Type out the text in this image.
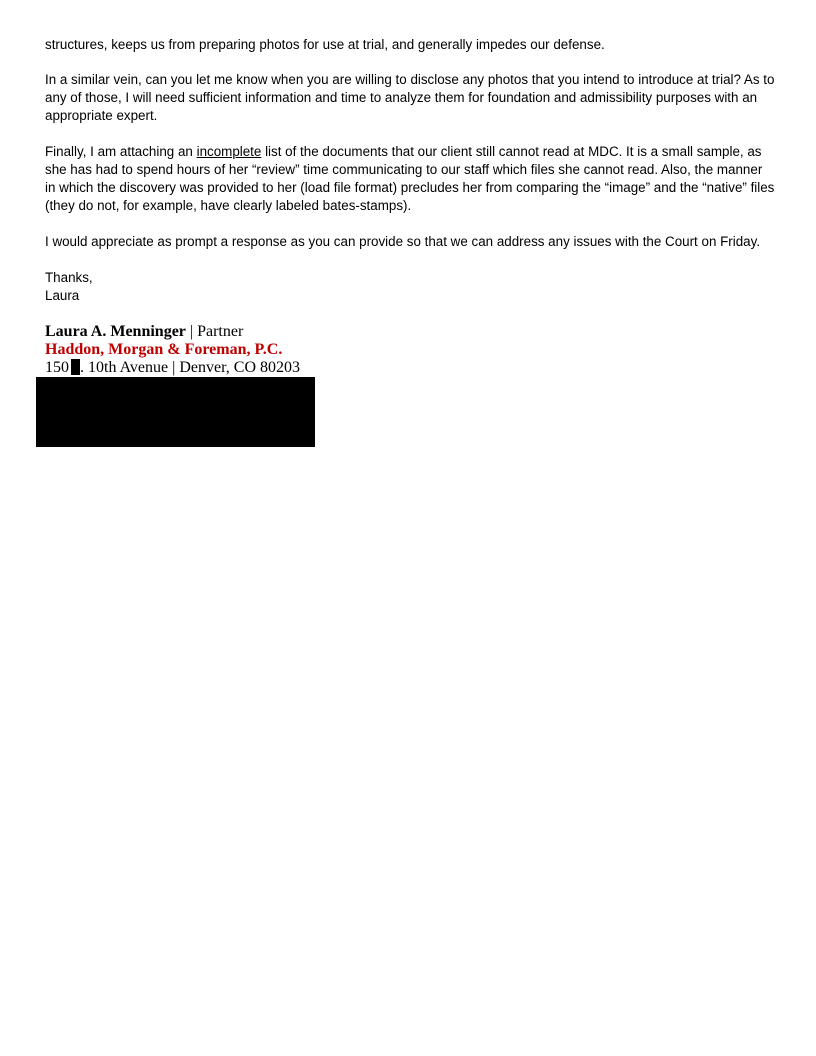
structures, keeps us from preparing photos for use at trial, and generally impedes our defense.

In a similar vein, can you let me know when you are willing to disclose any photos that you intend to introduce at trial? As to any of those, I will need sufficient information and time to analyze them for foundation and admissibility purposes with an appropriate expert.

Finally, I am attaching an incomplete list of the documents that our client still cannot read at MDC. It is a small sample, as she has had to spend hours of her “review” time communicating to our staff which files she cannot read. Also, the manner in which the discovery was provided to her (load file format) precludes her from comparing the “image” and the “native” files (they do not, for example, have clearly labeled bates-stamps).

I would appreciate as prompt a response as you can provide so that we can address any issues with the Court on Friday.

Thanks,
Laura
Laura A. Menninger | Partner
Haddon, Morgan & Foreman, P.C.
150 . 10th Avenue | Denver, CO 80203
